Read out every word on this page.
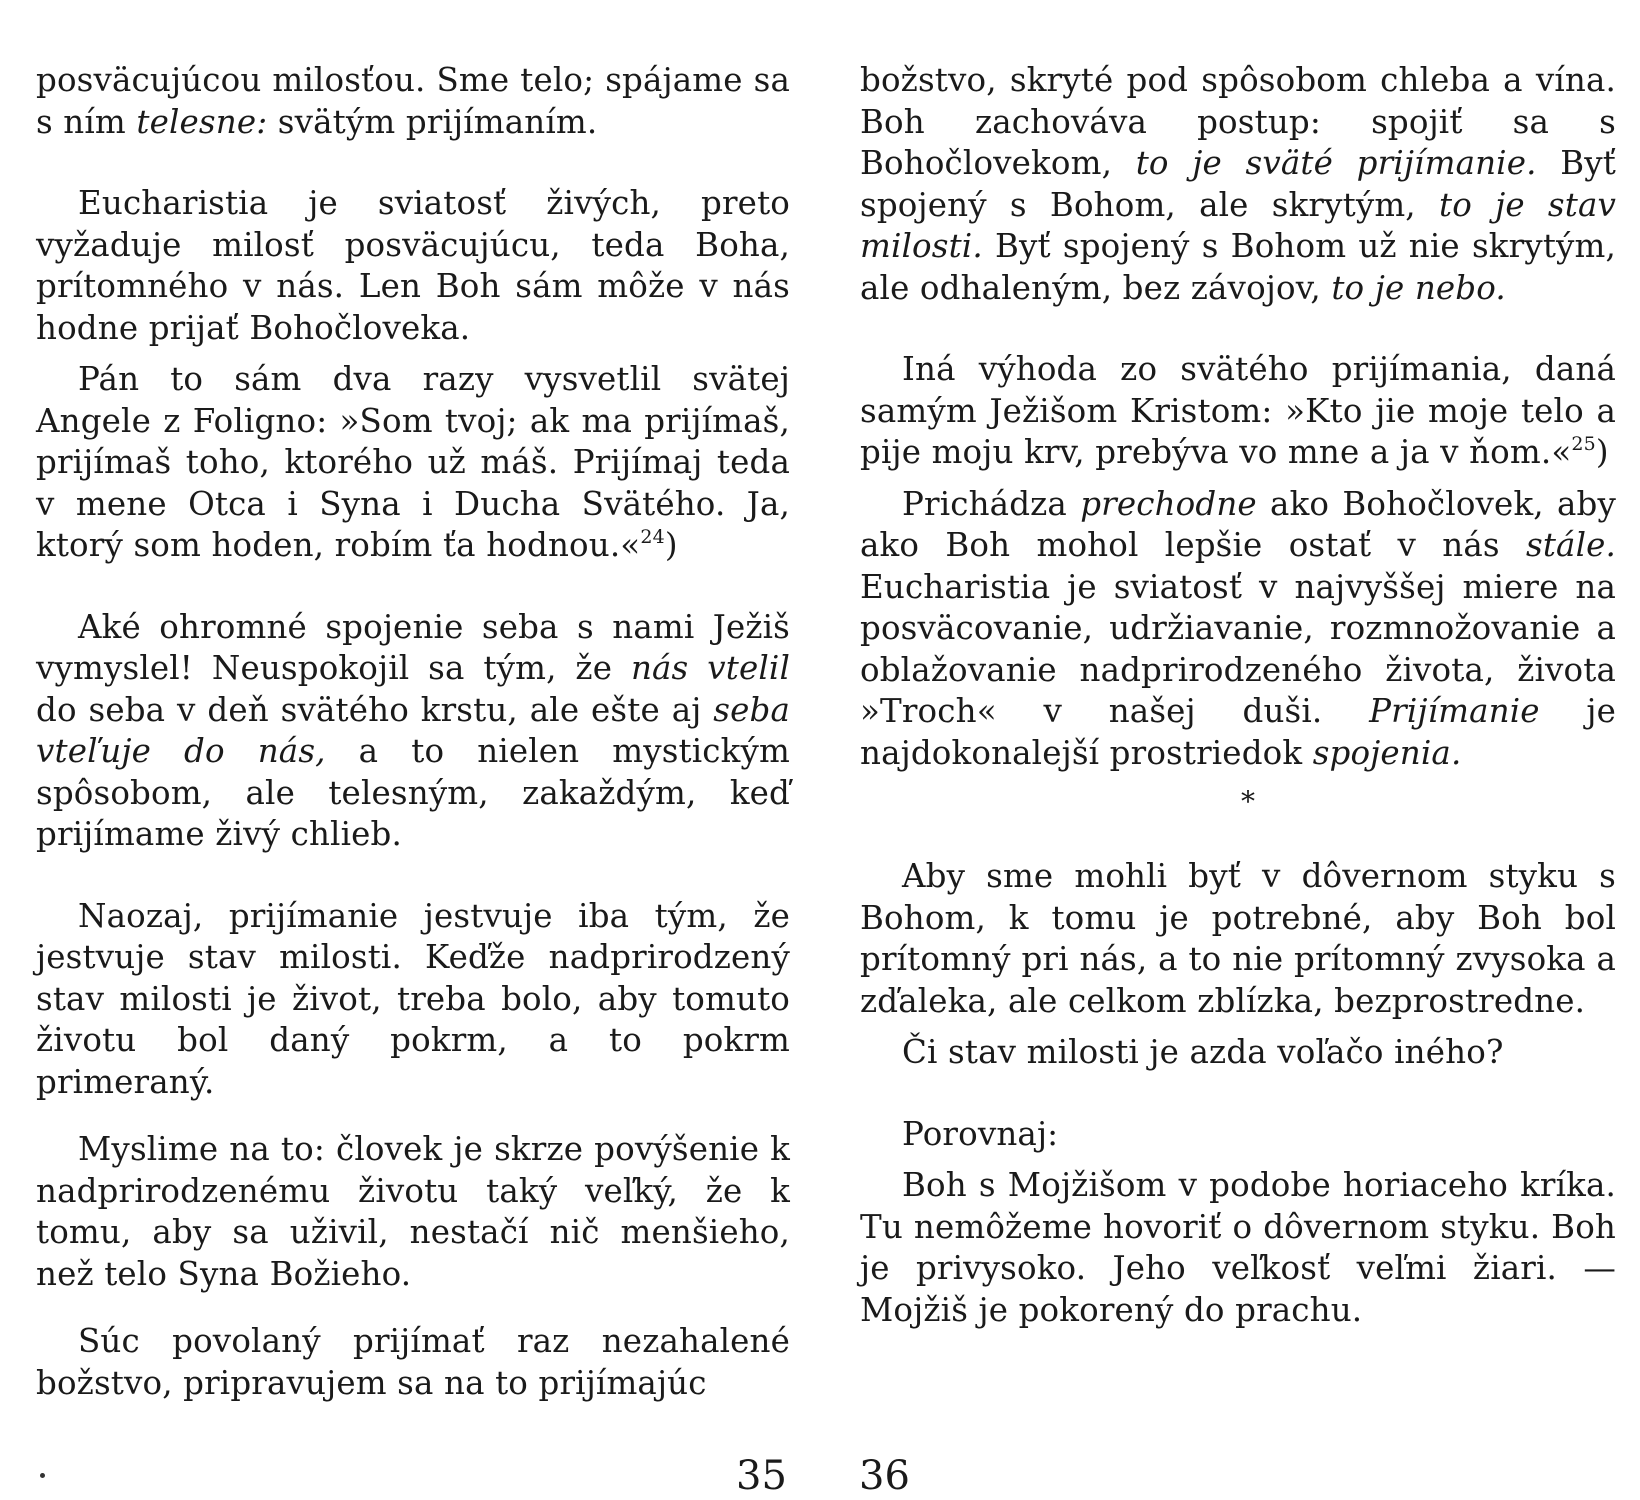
posväcujúcou milosťou. Sme telo; spájame sa s ním telesne: svätým prijímaním.

Eucharistia je sviatosť živých, preto vyžaduje milosť posväcujúcu, teda Boha, prítomného v nás. Len Boh sám môže v nás hodne prijať Bohočloveka.

Pán to sám dva razy vysvetlil svätej Angele z Foligno: »Som tvoj; ak ma prijímaš, prijímaš toho, ktorého už máš. Prijímaj teda v mene Otca i Syna i Ducha Svätého. Ja, ktorý som hoden, robím ťa hodnou.«$^{24}$)

Aké ohromné spojenie seba s nami Ježiš vymyslel! Neuspokojil sa tým, že nás vtelil do seba v deň svätého krstu, ale ešte aj seba vteľuje do nás, a to nielen mystickým spôsobom, ale telesným, zakaždým, keď prijímame živý chlieb.

Naozaj, prijímanie jestvuje iba tým, že jestvuje stav milosti. Keďže nadprirodzený stav milosti je život, treba bolo, aby tomuto životu bol daný pokrm, a to pokrm primeraný.

Myslime na to: človek je skrze povýšenie k nadprirodzenému životu taký veľký, že k tomu, aby sa uživil, nestačí nič menšieho, než telo Syna Božieho.

Súc povolaný prijímať raz nezahalené božstvo, pripravujem sa na to prijímajúc

božstvo, skryté pod spôsobom chleba a vína. Boh zachováva postup: spojiť sa s Bohočlovekom, to je sväté prijímanie. Byť spojený s Bohom, ale skrytým, to je stav milosti. Byť spojený s Bohom už nie skrytým, ale odhaleným, bez závojov, to je nebo.

Iná výhoda zo svätého prijímania, daná samým Ježišom Kristom: »Kto jie moje telo a pije moju krv, prebýva vo mne a ja v ňom.«$^{25}$)

Prichádza prechodne ako Bohočlovek, aby ako Boh mohol lepšie ostať v nás stále. Eucharistia je sviatosť v najvyššej miere na posväcovanie, udržiavanie, rozmnožovanie a oblažovanie nadprirodzeného života, života »Troch« v našej duši. Prijímanie je najdokonalejší prostriedok spojenia.

*

Aby sme mohli byť v dôvernom styku s Bohom, k tomu je potrebné, aby Boh bol prítomný pri nás, a to nie prítomný zvysoka a zďaleka, ale celkom zblízka, bezprostredne.

Či stav milosti je azda voľačo iného?

Porovnaj:

Boh s Mojžišom v podobe horiaceho kríka. Tu nemôžeme hovoriť o dôvernom styku. Boh je privysoko. Jeho veľkosť veľmi žiari. — Mojžiš je pokorený do prachu.

35 36
